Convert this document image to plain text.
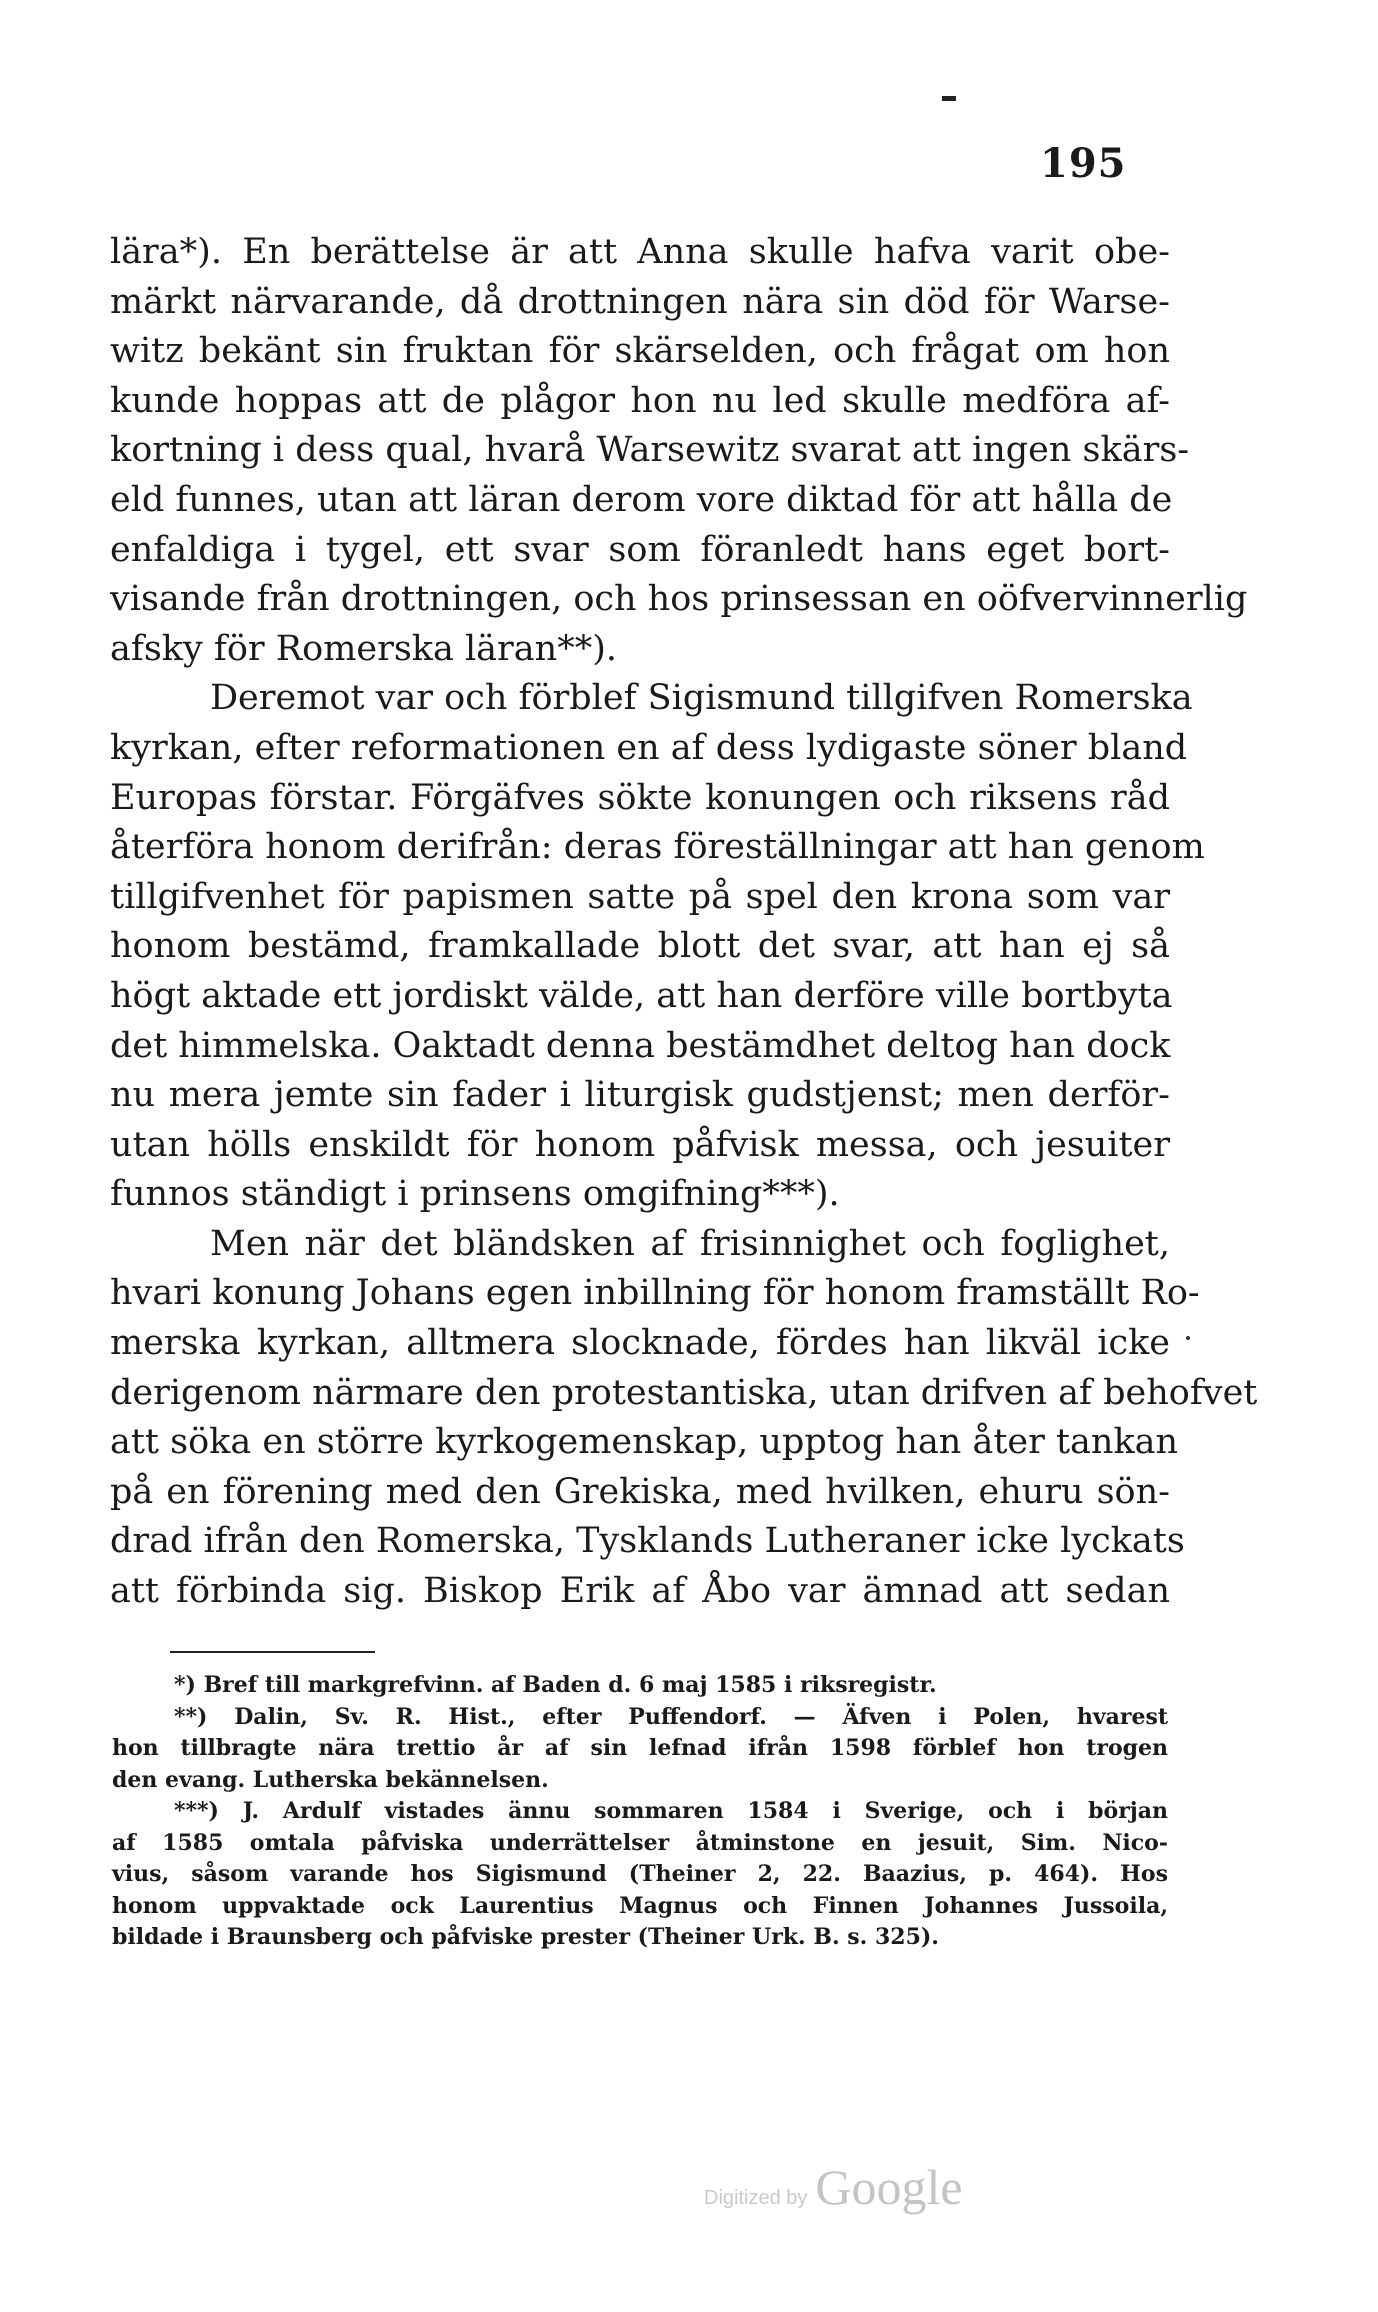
195
lära*). En berättelse är att Anna skulle hafva varit obe-
märkt närvarande, då drottningen nära sin död för Warse-
witz bekänt sin fruktan för skärselden, och frågat om hon
kunde hoppas att de plågor hon nu led skulle medföra af-
kortning i dess qual, hvarå Warsewitz svarat att ingen skärs-
eld funnes, utan att läran derom vore diktad för att hålla de
enfaldiga i tygel, ett svar som föranledt hans eget bort-
visande från drottningen, och hos prinsessan en oöfvervinnerlig
afsky för Romerska läran**).
Deremot var och förblef Sigismund tillgifven Romerska
kyrkan, efter reformationen en af dess lydigaste söner bland
Europas förstar. Förgäfves sökte konungen och riksens råd
återföra honom derifrån: deras föreställningar att han genom
tillgifvenhet för papismen satte på spel den krona som var
honom bestämd, framkallade blott det svar, att han ej så
högt aktade ett jordiskt välde, att han derföre ville bortbyta
det himmelska. Oaktadt denna bestämdhet deltog han dock
nu mera jemte sin fader i liturgisk gudstjenst; men derför-
utan hölls enskildt för honom påfvisk messa, och jesuiter
funnos ständigt i prinsens omgifning***).
Men när det bländsken af frisinnighet och foglighet,
hvari konung Johans egen inbillning för honom framställt Ro-
merska kyrkan, alltmera slocknade, fördes han likväl icke
derigenom närmare den protestantiska, utan drifven af behofvet
att söka en större kyrkogemenskap, upptog han åter tankan
på en förening med den Grekiska, med hvilken, ehuru sön-
drad ifrån den Romerska, Tysklands Lutheraner icke lyckats
att förbinda sig. Biskop Erik af Åbo var ämnad att sedan
*) Bref till markgrefvinn. af Baden d. 6 maj 1585 i riksregistr.
**) Dalin, Sv. R. Hist., efter Puffendorf. — Äfven i Polen, hvarest
hon tillbragte nära trettio år af sin lefnad ifrån 1598 förblef hon trogen
den evang. Lutherska bekännelsen.
***) J. Ardulf vistades ännu sommaren 1584 i Sverige, och i början
af 1585 omtala påfviska underrättelser åtminstone en jesuit, Sim. Nico-
vius, såsom varande hos Sigismund (Theiner 2, 22. Baazius, p. 464). Hos
honom uppvaktade ock Laurentius Magnus och Finnen Johannes Jussoila,
bildade i Braunsberg och påfviske prester (Theiner Urk. B. s. 325).
Digitized by Google
